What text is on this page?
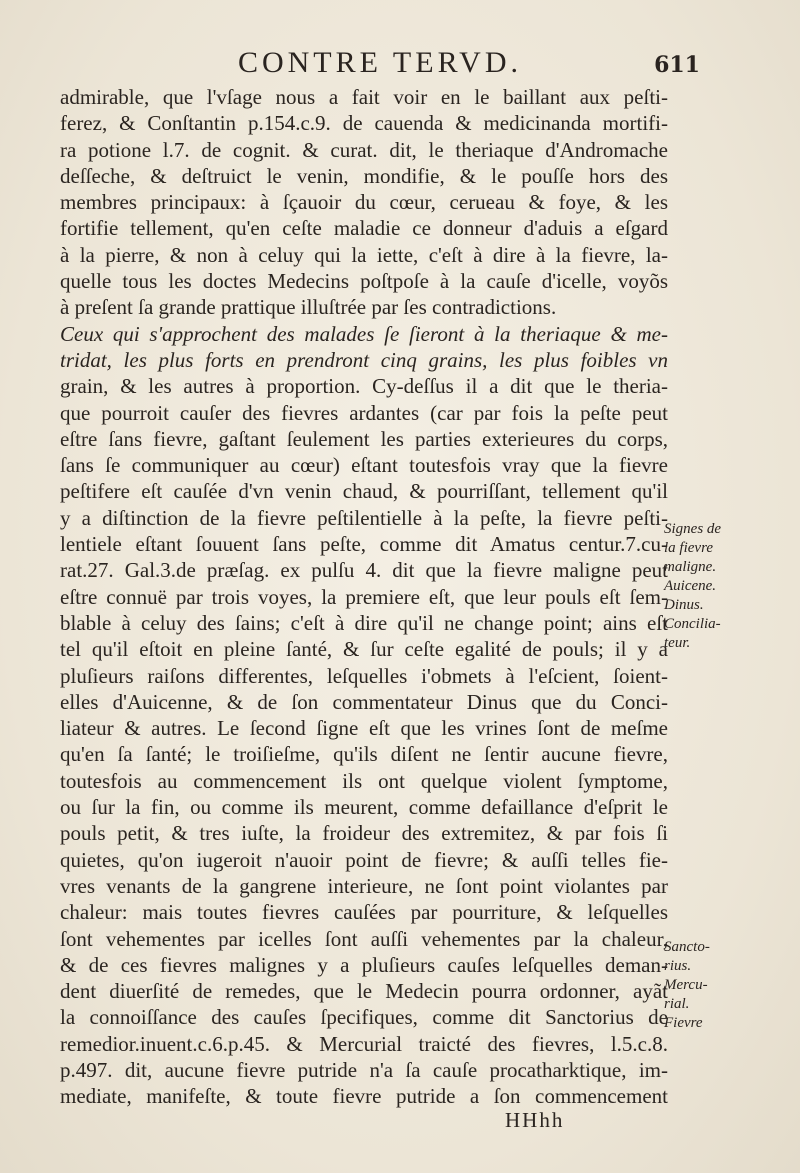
CONTRE TERVD.	611
admirable, que l'vſage nous a fait voir en le baillant aux peſti-
ferez, & Conſtantin p.154.c.9. de cauenda & medicinanda mortifi-
ra potione l.7. de cognit. & curat. dit, le theriaque d'Andromache
deſſeche, & deſtruict le venin, mondifie, & le pouſſe hors des
membres principaux: à ſçauoir du cœur, cerueau & foye, & les
fortifie tellement, qu'en ceſte maladie ce donneur d'aduis a eſgard
à la pierre, & non à celuy qui la iette, c'eſt à dire à la fievre, la-
quelle tous les doctes Medecins poſtpoſe à la cauſe d'icelle, voyõs
à preſent ſa grande prattique illuſtrée par ſes contradictions.
Ceux qui s'approchent des malades ſe ſieront à la theriaque & me-
tridat, les plus forts en prendront cinq grains, les plus foibles vn
grain, & les autres à proportion. Cy-deſſus il a dit que le theria-
que pourroit cauſer des fievres ardantes (car par fois la peſte peut
eſtre ſans fievre, gaſtant ſeulement les parties exterieures du corps,
ſans ſe communiquer au cœur) eſtant toutesfois vray que la fievre
peſtifere eſt cauſée d'vn venin chaud, & pourriſſant, tellement qu'il
y a diſtinction de la fievre peſtilentielle à la peſte, la fievre peſti-
lentiele eſtant ſouuent ſans peſte, comme dit Amatus centur.7.cu-
rat.27. Gal.3.de præſag. ex pulſu 4. dit que la fievre maligne peut
eſtre connuë par trois voyes, la premiere eſt, que leur pouls eſt ſem-
blable à celuy des ſains; c'eſt à dire qu'il ne change point; ains eſt
tel qu'il eſtoit en pleine ſanté, & ſur ceſte egalité de pouls; il y a
pluſieurs raiſons differentes, leſquelles i'obmets à l'eſcient, ſoient-
elles d'Auicenne, & de ſon commentateur Dinus que du Conci-
liateur & autres. Le ſecond ſigne eſt que les vrines ſont de meſme
qu'en ſa ſanté; le troiſieſme, qu'ils diſent ne ſentir aucune fievre,
toutesfois au commencement ils ont quelque violent ſymptome,
ou ſur la fin, ou comme ils meurent, comme defaillance d'eſprit le
pouls petit, & tres iuſte, la froideur des extremitez, & par fois ſi
quietes, qu'on iugeroit n'auoir point de fievre; & auſſi telles fie-
vres venants de la gangrene interieure, ne ſont point violantes par
chaleur: mais toutes fievres cauſées par pourriture, & leſquelles
ſont vehementes par icelles ſont auſſi vehementes par la chaleur,
& de ces fievres malignes y a pluſieurs cauſes leſquelles deman-
dent diuerſité de remedes, que le Medecin pourra ordonner, ayãt
la connoiſſance des cauſes ſpecifiques, comme dit Sanctorius de
remedior.inuent.c.6.p.45. & Mercurial traicté des fievres, l.5.c.8.
p.497. dit, aucune fievre putride n'a ſa cauſe procatharktique, im-
mediate, manifeſte, & toute fievre putride a ſon commencement
Signes de
la fievre
maligne.
Auicene.
Dinus.
Concilia-
teur.
Sancto-
rius.
Mercu-
rial.
Fievre
HHhh
